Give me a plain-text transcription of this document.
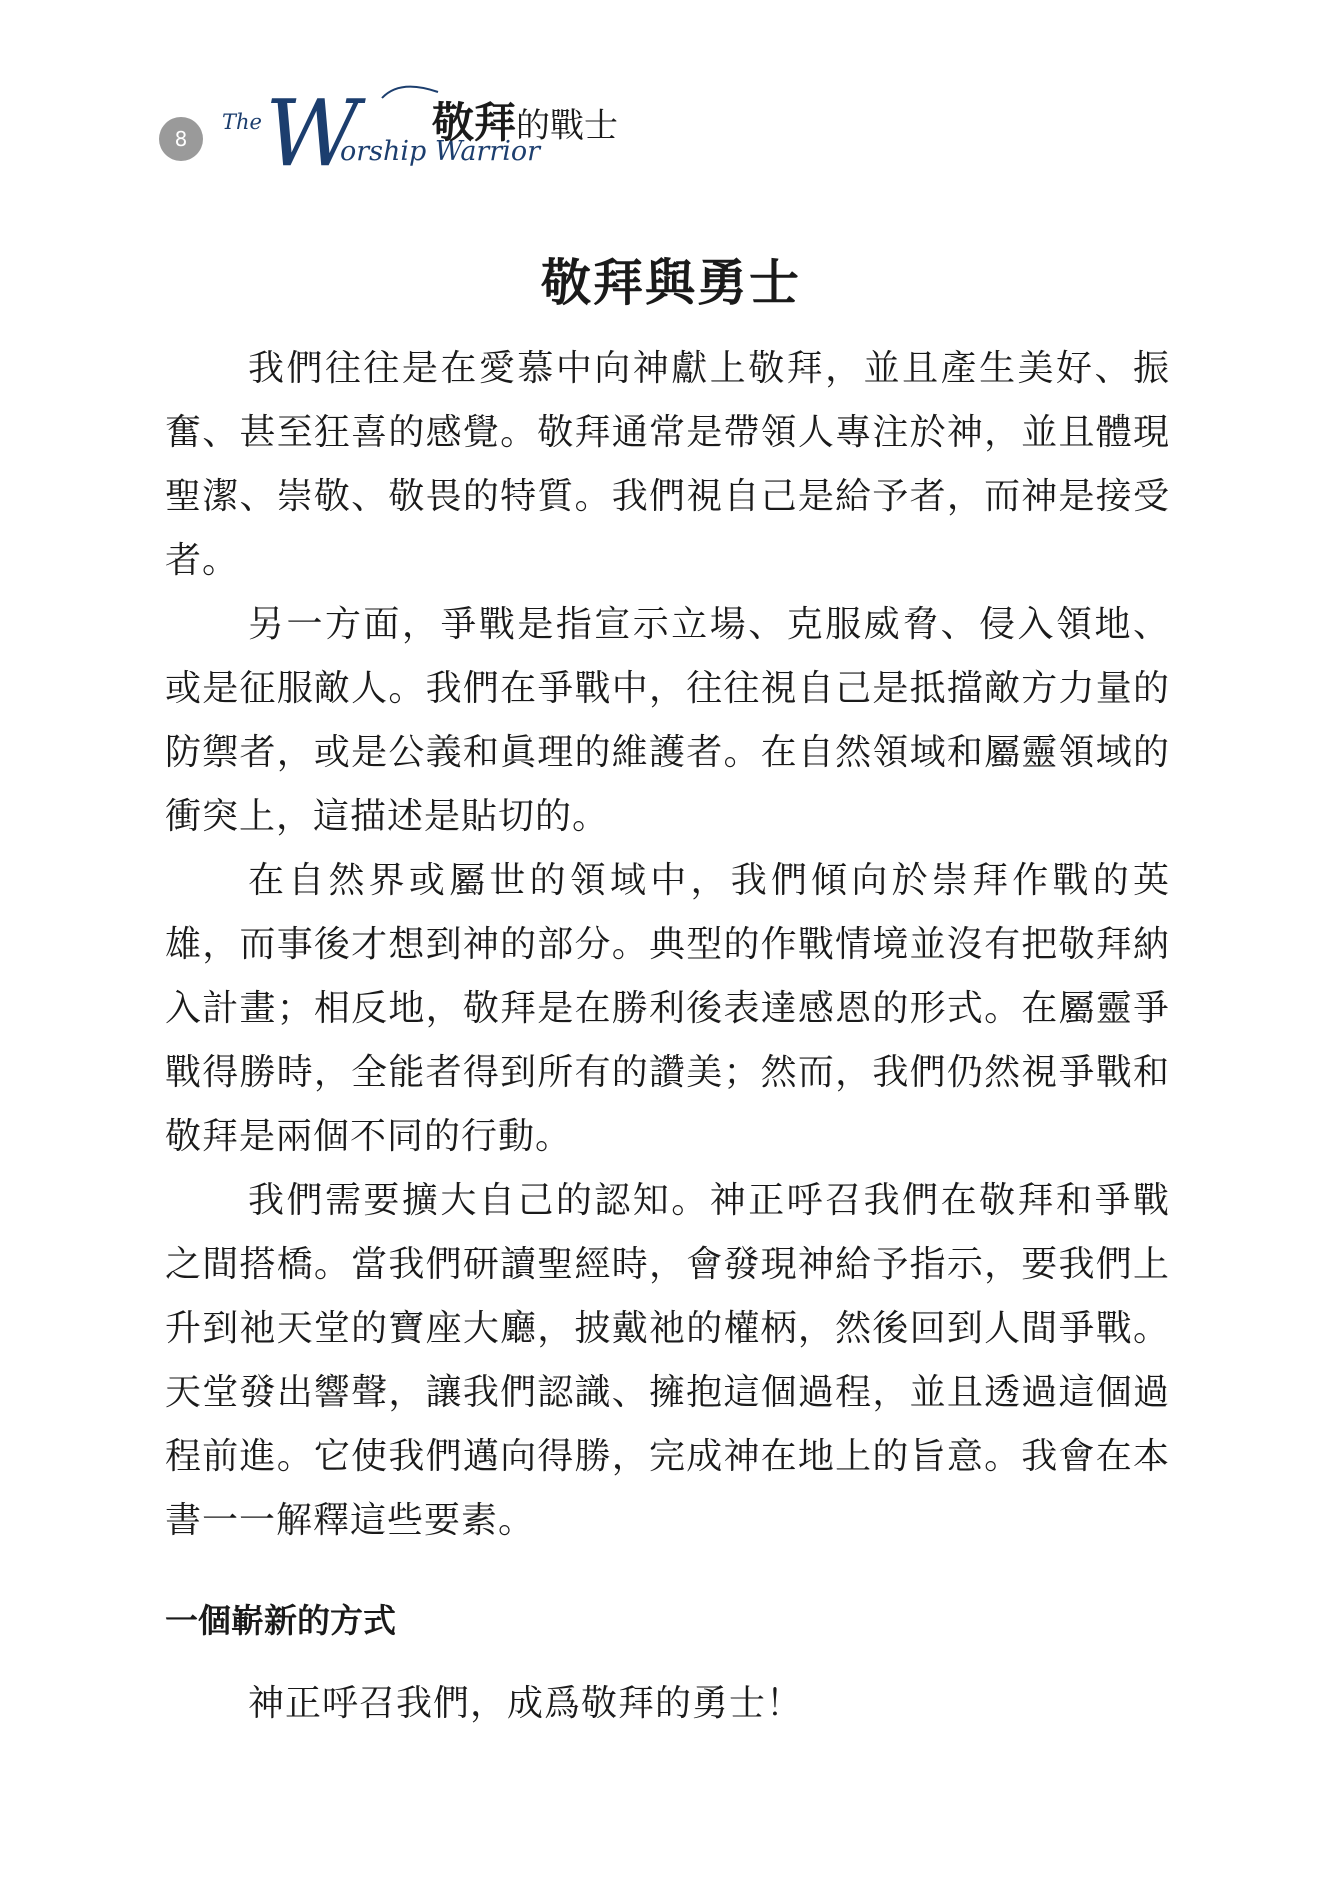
8
The W
orship Warrior
敬拜的戰士
敬拜與勇士

我們往往是在愛慕中向神獻上敬拜，並且產生美好、振奮、甚至狂喜的感覺。敬拜通常是帶領人專注於神，並且體現聖潔、崇敬、敬畏的特質。我們視自己是給予者，而神是接受者。

另一方面，爭戰是指宣示立場、克服威脅、侵入領地、或是征服敵人。我們在爭戰中，往往視自己是抵擋敵方力量的防禦者，或是公義和眞理的維護者。在自然領域和屬靈領域的衝突上，這描述是貼切的。

在自然界或屬世的領域中，我們傾向於崇拜作戰的英雄，而事後才想到神的部分。典型的作戰情境並沒有把敬拜納入計畫；相反地，敬拜是在勝利後表達感恩的形式。在屬靈爭戰得勝時，全能者得到所有的讚美；然而，我們仍然視爭戰和敬拜是兩個不同的行動。

我們需要擴大自己的認知。神正呼召我們在敬拜和爭戰之間搭橋。當我們研讀聖經時，會發現神給予指示，要我們上升到祂天堂的寶座大廳，披戴祂的權柄，然後回到人間爭戰。天堂發出響聲，讓我們認識、擁抱這個過程，並且透過這個過程前進。它使我們邁向得勝，完成神在地上的旨意。我會在本書一一解釋這些要素。

一個嶄新的方式

神正呼召我們，成爲敬拜的勇士！
